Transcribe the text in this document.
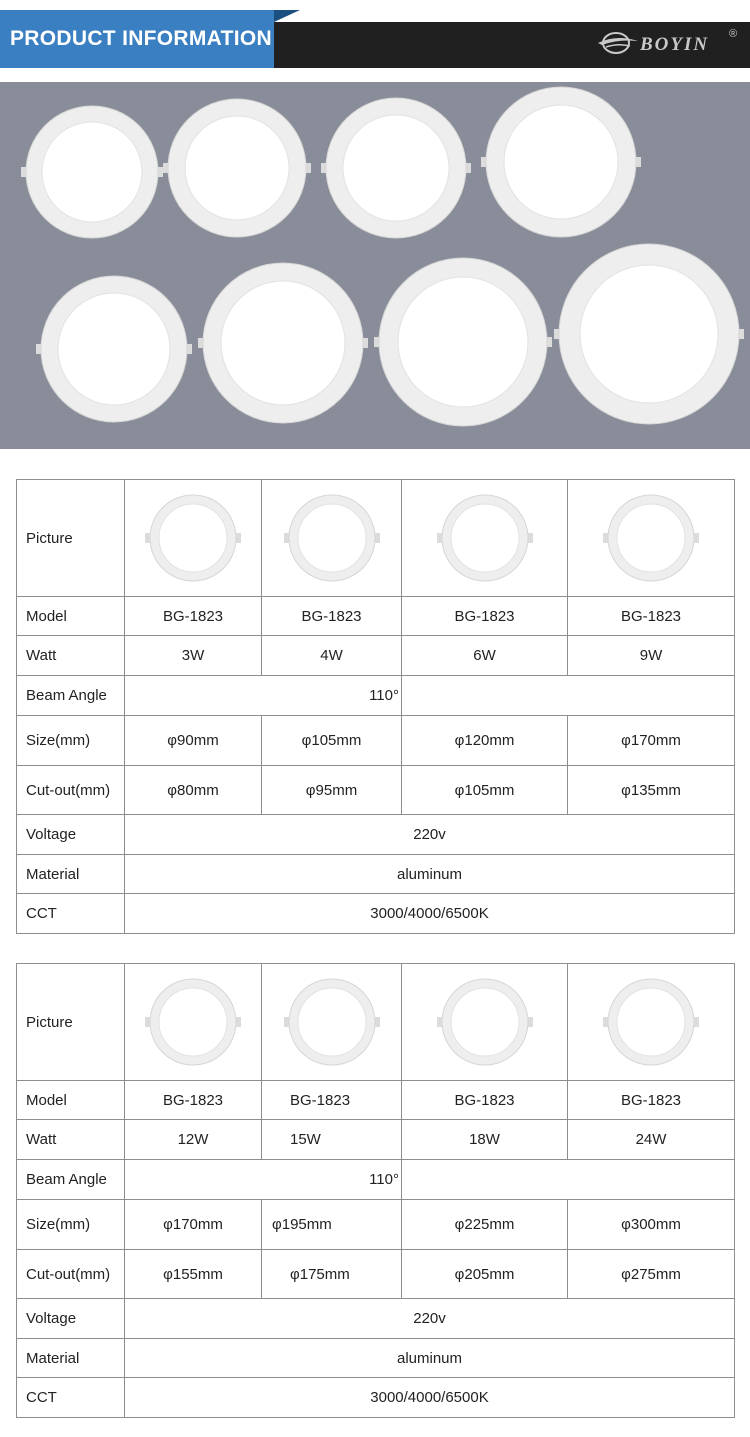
PRODUCT INFORMATION	BOYIN ®
Picture	

Model	BG-1823	BG-1823	BG-1823	BG-1823
Watt	3W	4W	6W	9W
Beam Angle	110°			
Size(mm)	φ90mm	φ105mm	φ120mm	φ170mm
Cut-out(mm)	φ80mm	φ95mm	φ105mm	φ135mm
Voltage	220v			
Material	aluminum			
CCT	3000/4000/6500K			
Picture	

Model	BG-1823	BG-1823	BG-1823	BG-1823
Watt	12W	15W	18W	24W
Beam Angle	110°			
Size(mm)	φ170mm	φ195mm	φ225mm	φ300mm
Cut-out(mm)	φ155mm	φ175mm	φ205mm	φ275mm
Voltage	220v			
Material	aluminum			
CCT	3000/4000/6500K			
